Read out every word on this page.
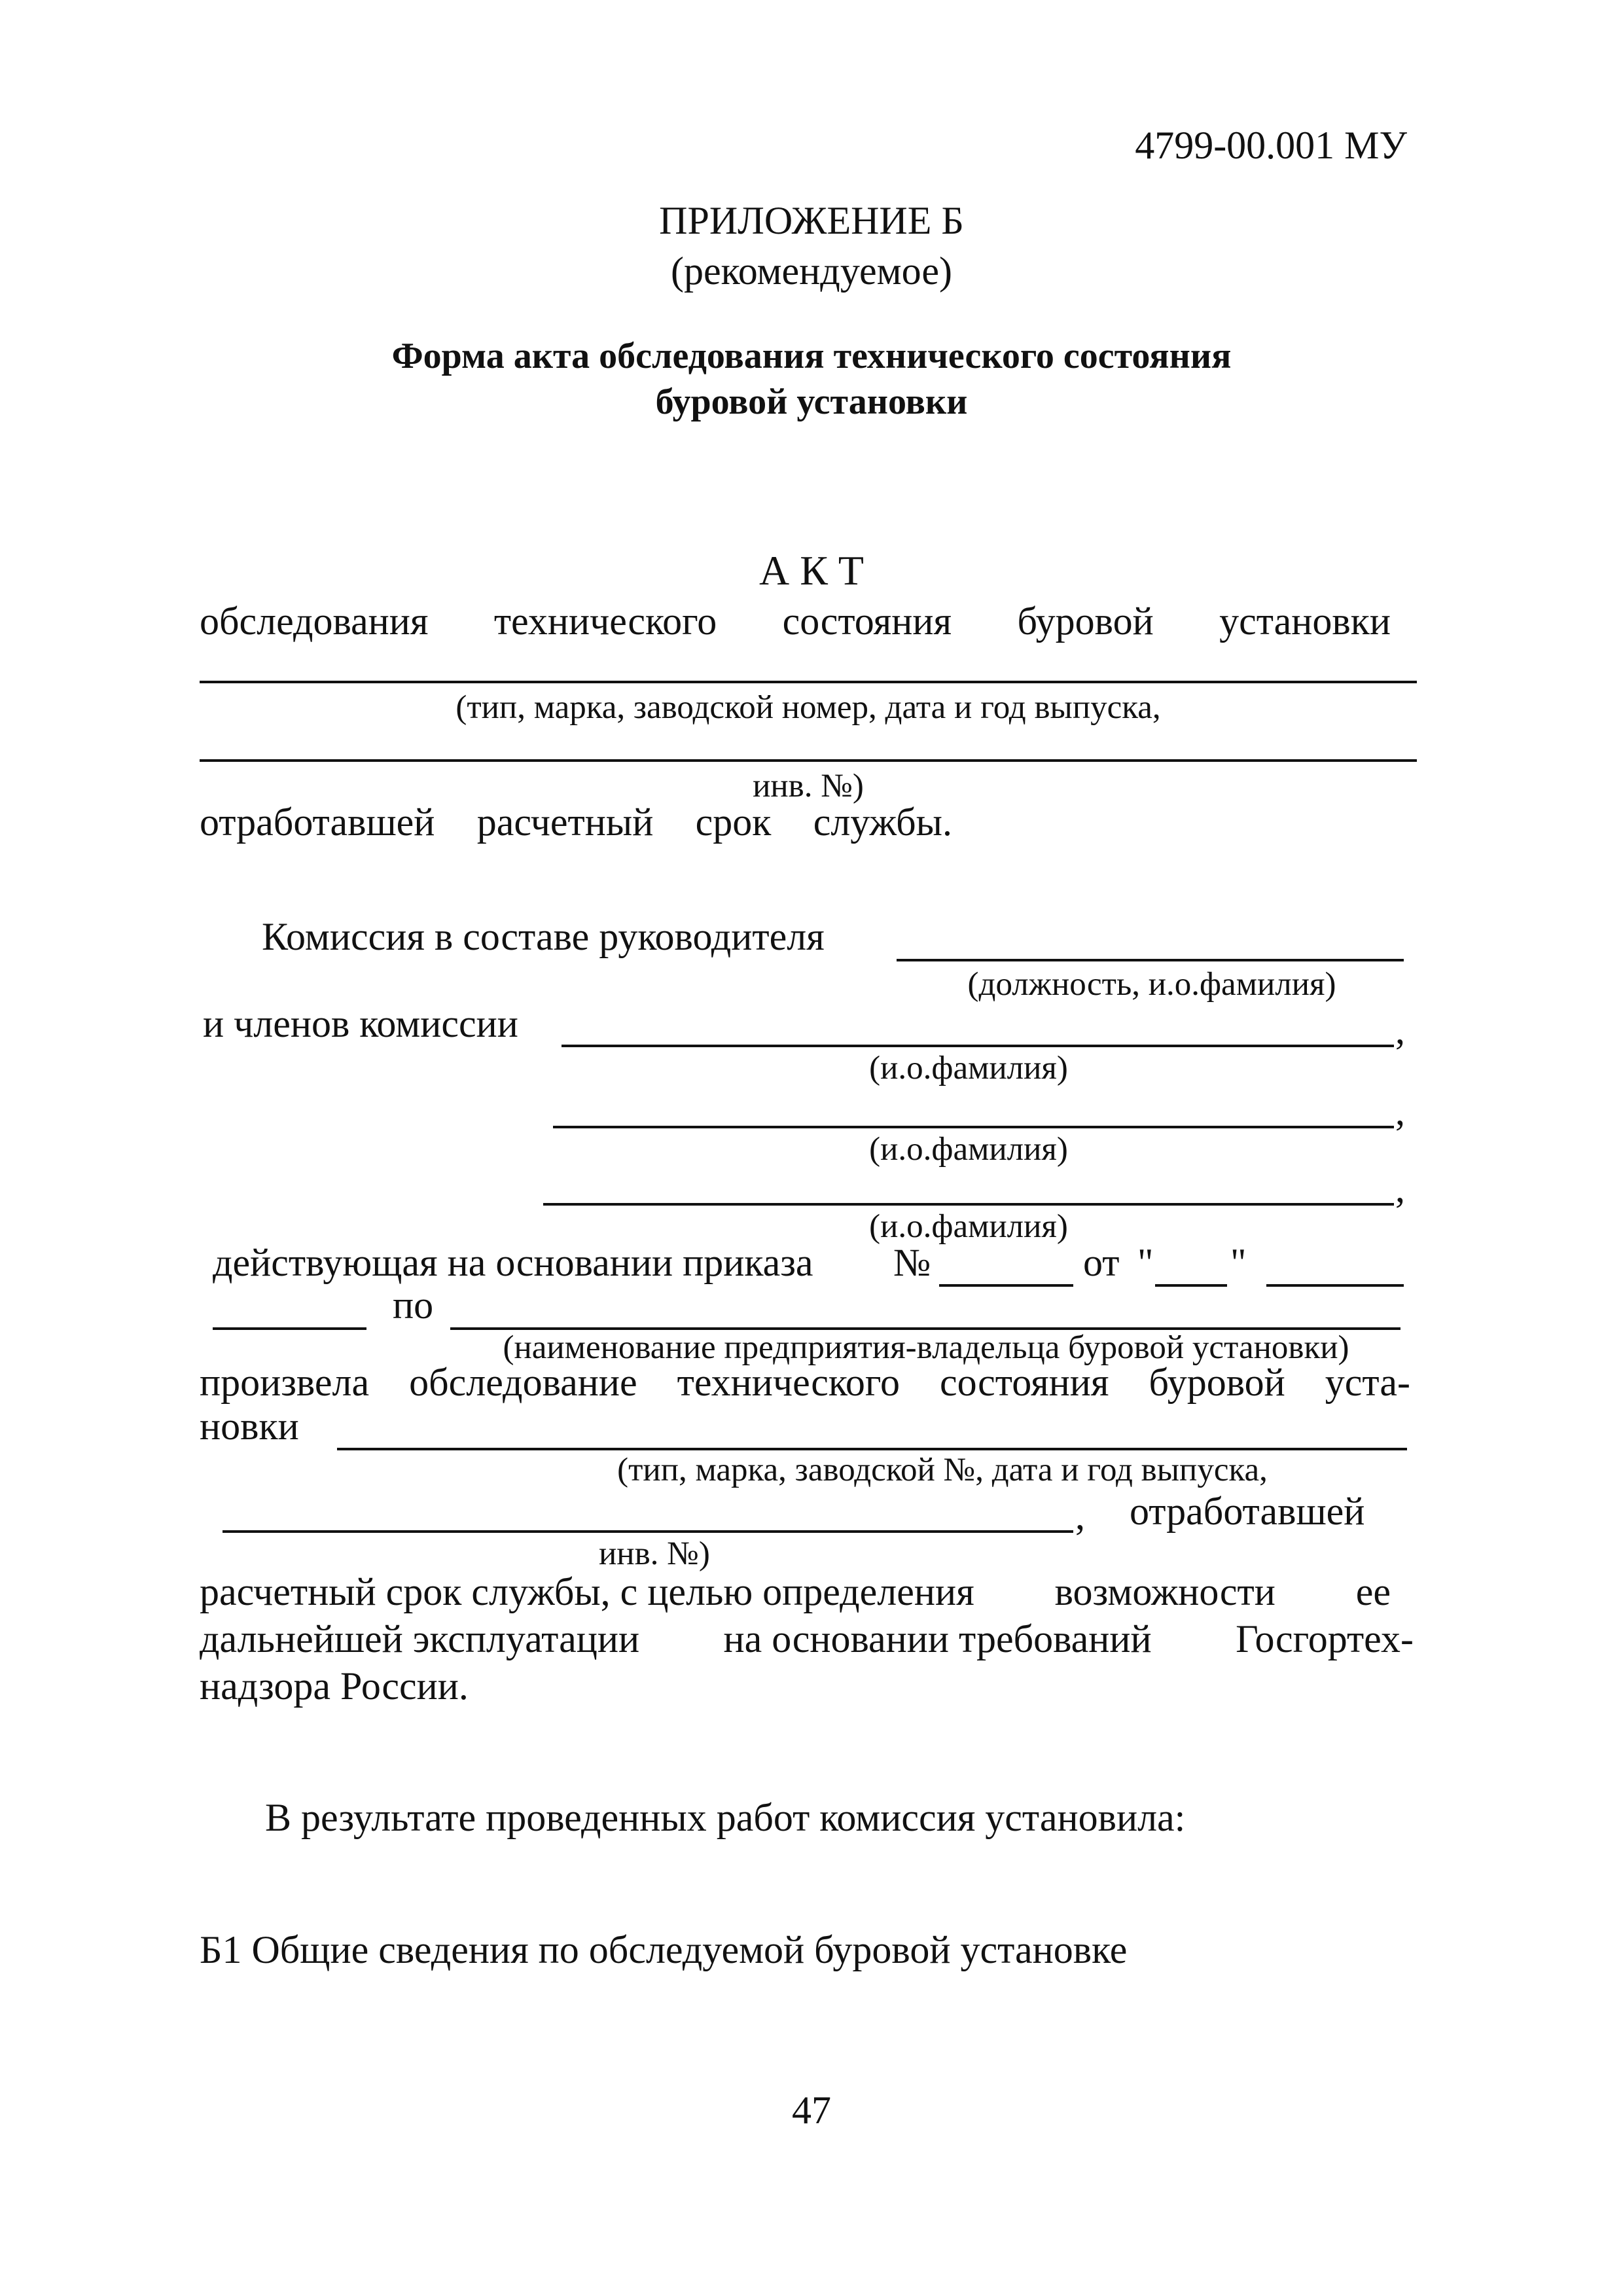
4799-00.001 МУ
ПРИЛОЖЕНИЕ Б
(рекомендуемое)
Форма акта обследования технического состояния
буровой установки
А К Т
обследования технического состояния буровой установки
(тип, марка, заводской номер, дата и год выпуска,
инв. №)
отработавшей расчетный срок службы.
Комиссия в составе руководителя
(должность, и.о.фамилия)
и членов комиссии	,
(и.о.фамилия)
,
(и.о.фамилия)
,
(и.о.фамилия)
действующая на основании приказа №	от " "
по
(наименование предприятия-владельца буровой установки)
произвела обследование технического состояния буровой уста-
новки
(тип, марка, заводской №, дата и год выпуска,
, отработавшей
инв. №)
расчетный срок службы, с целью определения возможности ее
дальнейшей эксплуатации на основании требований Госгортех-
надзора России.
В результате проведенных работ комиссия установила:
Б1 Общие сведения по обследуемой буровой установке
47
